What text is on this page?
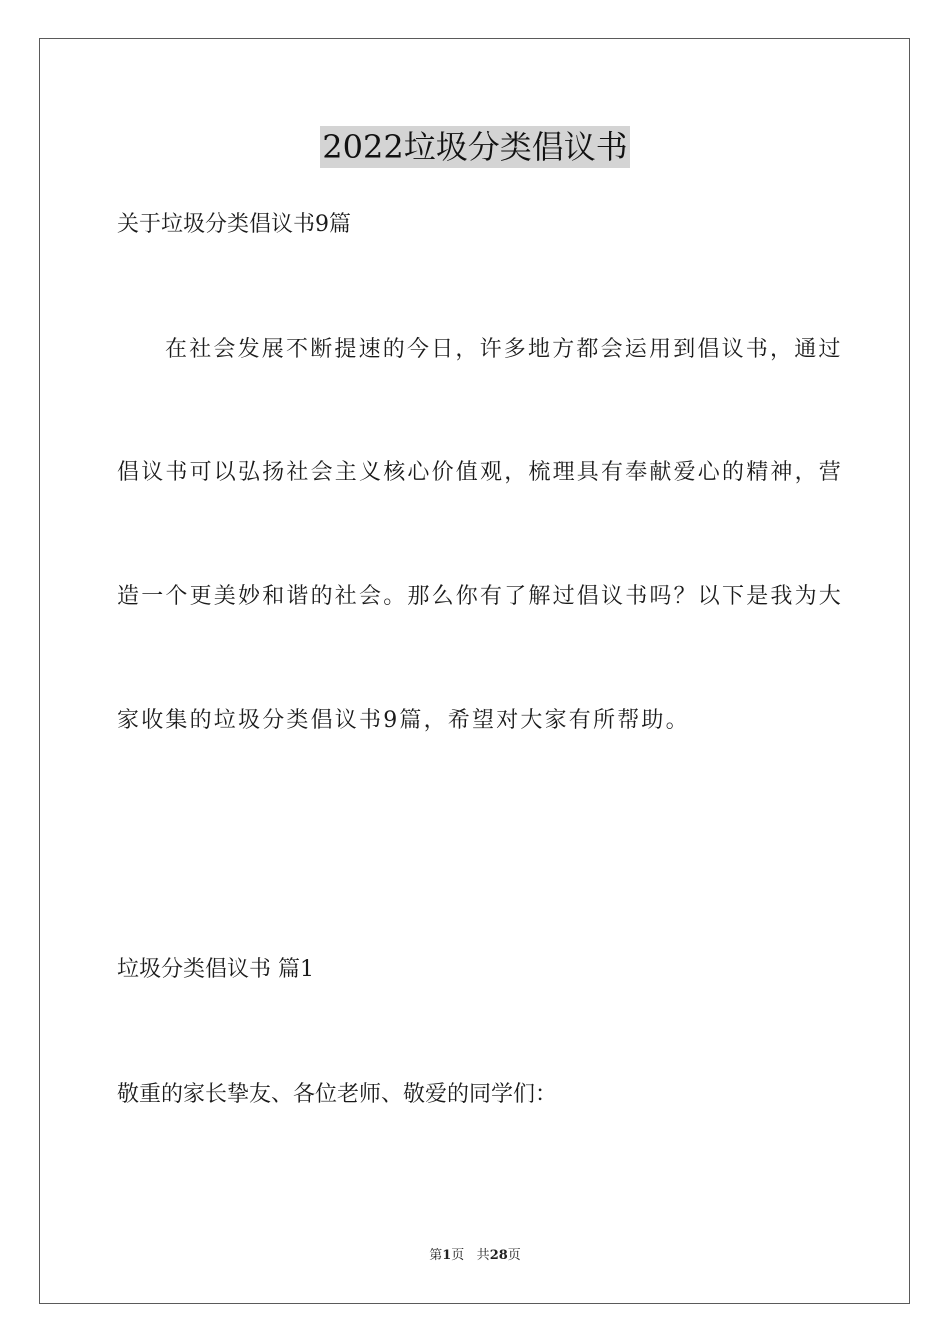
2022垃圾分类倡议书
关于垃圾分类倡议书9篇
在社会发展不断提速的今日，许多地方都会运用到倡议书，通过
倡议书可以弘扬社会主义核心价值观，梳理具有奉献爱心的精神，营
造一个更美妙和谐的社会。那么你有了解过倡议书吗？以下是我为大
家收集的垃圾分类倡议书9篇，希望对大家有所帮助。
垃圾分类倡议书 篇1
敬重的家长挚友、各位老师、敬爱的同学们：
第1页 共28页
